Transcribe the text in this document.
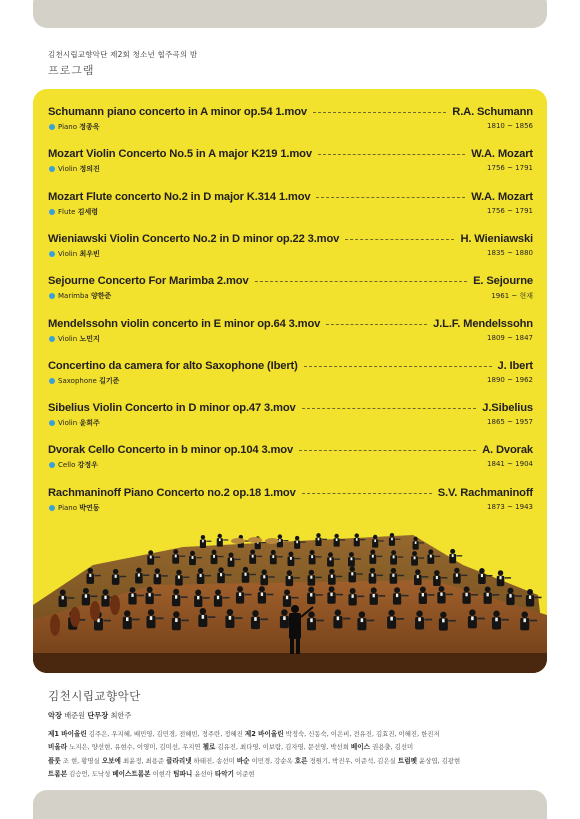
김천시립교향악단 제2회 청소년 협주곡의 밤
프로그램
Schumann piano concerto in A minor op.54 1.mov	R.A. Schumann
Piano 정종욱	1810 ~ 1856
Mozart Violin Concerto No.5 in A major K219 1.mov	W.A. Mozart
Violin 정의진	1756 ~ 1791
Mozart Flute concerto No.2 in D major K.314 1.mov	W.A. Mozart
Flute 김세령	1756 ~ 1791
Wieniawski Violin Concerto No.2 in D minor op.22 3.mov	H. Wieniawski
Violin 최우빈	1835 ~ 1880
Sejourne Concerto For Marimba 2.mov	E. Sejourne
Marimba 양한준	1961 ~ 현재
Mendelssohn violin concerto in E minor op.64 3.mov	J.L.F. Mendelssohn
Violin 노민지	1809 ~ 1847
Concertino da camera for alto Saxophone (Ibert)	J. Ibert
Saxophone 길기준	1890 ~ 1962
Sibelius Violin Concerto in D minor op.47 3.mov	J.Sibelius
Violin 윤희주	1865 ~ 1957
Dvorak Cello Concerto in b minor op.104 3.mov	A. Dvorak
Cello 강정우	1841 ~ 1904
Rachmaninoff Piano Concerto no.2 op.18 1.mov	S.V. Rachmaninoff
Piano 박연동	1873 ~ 1943
김천시립교향악단
악장 배준원 단무장 최한주
제1 바이올린 김주은, 우지혜, 배민영, 김민경, 전혜빈, 정주란, 정혜진 제2 바이올린 박정숙, 신동숙, 이은비, 전유진, 김효진, 이혜진, 한진저
비올라 노지은, 양선현, 유현수, 이영미, 김미선, 우지연 첼로 김유진, 최다영, 이보람, 김자영, 문선영, 박선희 베이스 권용출, 김선미
플룻 조 현, 황명실 오보에 최윤정, 최용준 클라리넷 하태진, 송선미 바순 이민경, 강순옥 호른 정원기, 박진우, 이준석, 김은실 트럼펫 윤상엽, 김광현
트롬본 김승언, 도낙성 베이스트롬본 이현각 팀파니 윤선아 타악기 이준현
